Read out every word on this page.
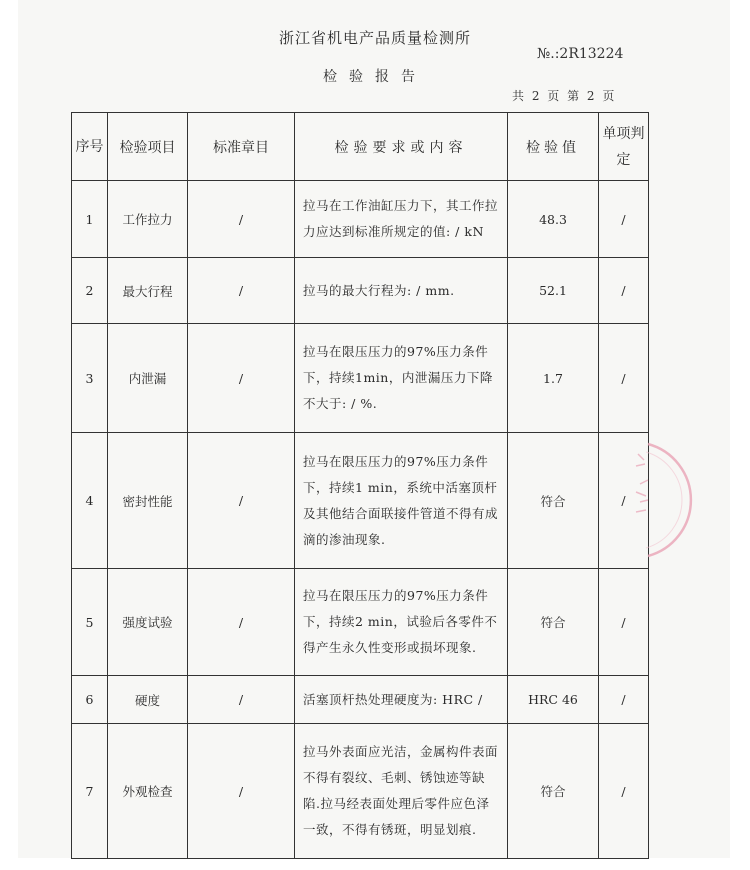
浙江省机电产品质量检测所
№.:2R13224
检验报告
共 2 页 第 2 页
序号	检验项目	标准章目	检验要求或内容	检验值	单项判定

1	工作拉力	/	拉马在工作油缸压力下，其工作拉力应达到标准所规定的值: / kN	48.3	/
2	最大行程	/	拉马的最大行程为: / mm.	52.1	/
3	内泄漏	/	拉马在限压压力的97%压力条件下，持续1min，内泄漏压力下降不大于: / %.	1.7	/
4	密封性能	/	拉马在限压压力的97%压力条件下，持续1 min，系统中活塞顶杆及其他结合面联接件管道不得有成滴的渗油现象.	符合	/
5	强度试验	/	拉马在限压压力的97%压力条件下，持续2 min，试验后各零件不得产生永久性变形或损坏现象.	符合	/
6	硬度	/	活塞顶杆热处理硬度为: HRC /	HRC 46	/
7	外观检查	/	拉马外表面应光洁，金属构件表面不得有裂纹、毛刺、锈蚀迹等缺陷.拉马经表面处理后零件应色泽一致，不得有锈斑，明显划痕.	符合	/
